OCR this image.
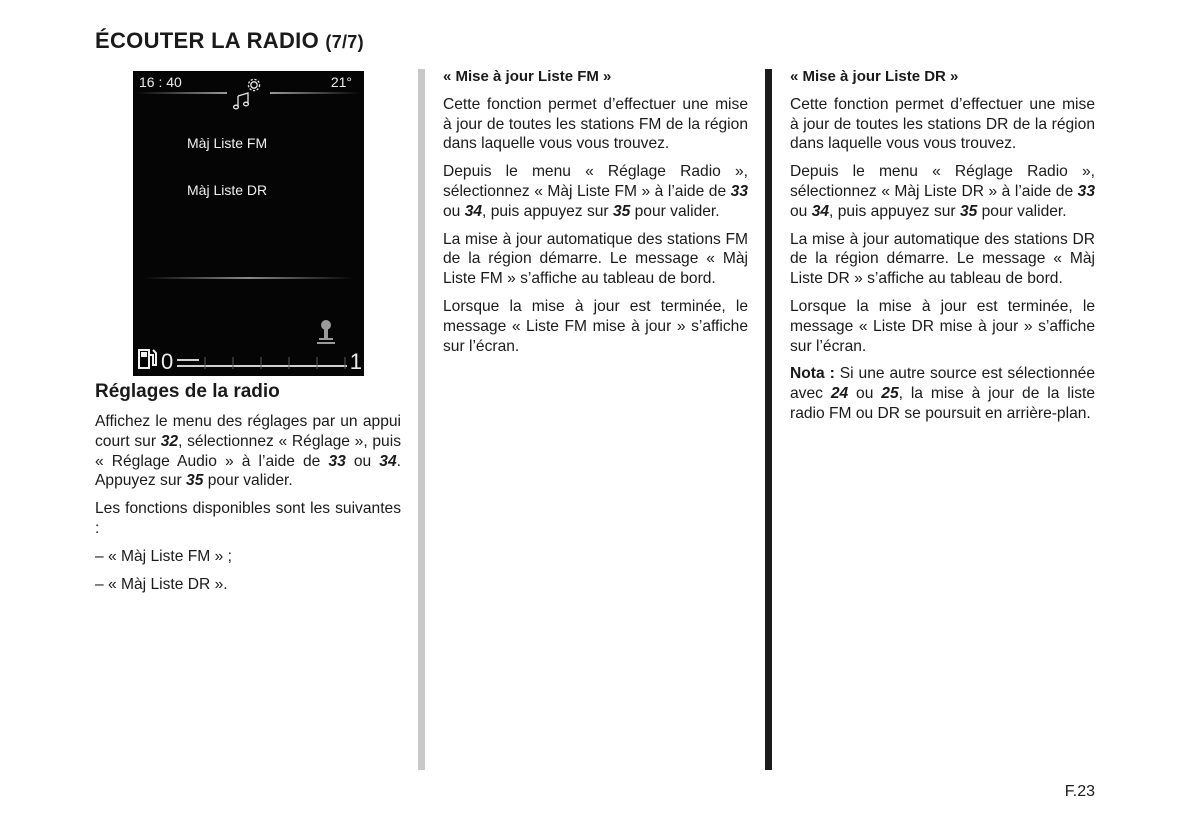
ÉCOUTER LA RADIO (7/7)
16 : 40	21°
Màj Liste FM
Màj Liste DR
0	1
Réglages de la radio

Affichez le menu des réglages par un appui court sur 32, sélectionnez « Réglage », puis « Réglage Audio » à l’aide de 33 ou 34. Appuyez sur 35 pour valider.

Les fonctions disponibles sont les suivantes :

– « Màj Liste FM » ;

– « Màj Liste DR ».

« Mise à jour Liste FM »

Cette fonction permet d’effectuer une mise à jour de toutes les stations FM de la région dans laquelle vous vous trouvez.

Depuis le menu « Réglage Radio », sélectionnez « Màj Liste FM » à l’aide de 33 ou 34, puis appuyez sur 35 pour valider.

La mise à jour automatique des stations FM de la région démarre. Le message « Màj Liste FM » s’affiche au tableau de bord.

Lorsque la mise à jour est terminée, le message « Liste FM mise à jour » s’affiche sur l’écran.

« Mise à jour Liste DR »

Cette fonction permet d’effectuer une mise à jour de toutes les stations DR de la région dans laquelle vous vous trouvez.

Depuis le menu « Réglage Radio », sélectionnez « Màj Liste DR » à l’aide de 33 ou 34, puis appuyez sur 35 pour valider.

La mise à jour automatique des stations DR de la région démarre. Le message « Màj Liste DR » s’affiche au tableau de bord.

Lorsque la mise à jour est terminée, le message « Liste DR mise à jour » s’affiche sur l’écran.

Nota : Si une autre source est sélectionnée avec 24 ou 25, la mise à jour de la liste radio FM ou DR se poursuit en arrière-plan.

F.23
